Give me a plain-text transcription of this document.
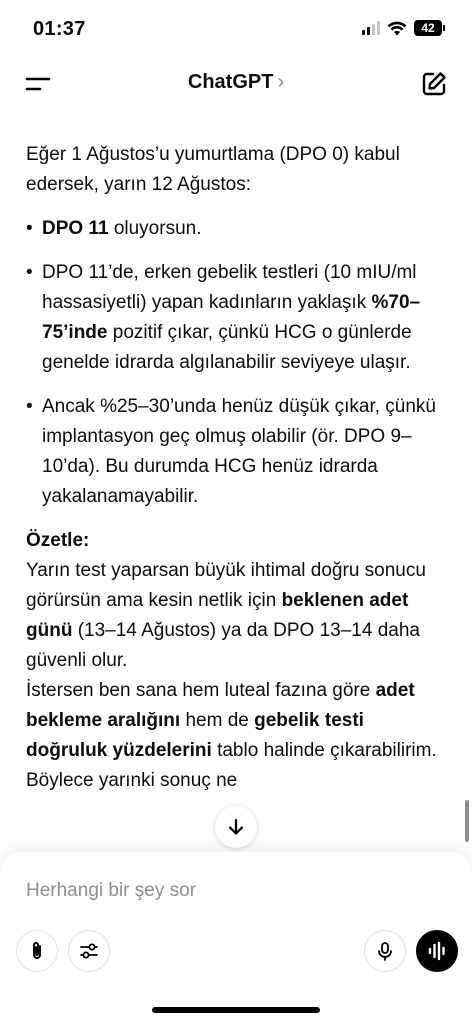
01:37	42
ChatGPT ›

Eğer 1 Ağustos’u yumurtlama (DPO 0) kabul edersek, yarın 12 Ağustos:

• DPO 11 oluyorsun.
• DPO 11’de, erken gebelik testleri (10 mIU/ml hassasiyetli) yapan kadınların yaklaşık %70–75’inde pozitif çıkar, çünkü HCG o günlerde genelde idrarda algılanabilir seviyeye ulaşır.
• Ancak %25–30’unda henüz düşük çıkar, çünkü implantasyon geç olmuş olabilir (ör. DPO 9–10’da). Bu durumda HCG henüz idrarda yakalanamayabilir.

Özetle:

Yarın test yaparsan büyük ihtimal doğru sonucu görürsün ama kesin netlik için beklenen adet günü (13–14 Ağustos) ya da DPO 13–14 daha güvenli olur.

İstersen ben sana hem luteal fazına göre adet bekleme aralığını hem de gebelik testi doğruluk yüzdelerini tablo halinde çıkarabilirim. Böylece yarınki sonuç ne

Herhangi bir şey sor
